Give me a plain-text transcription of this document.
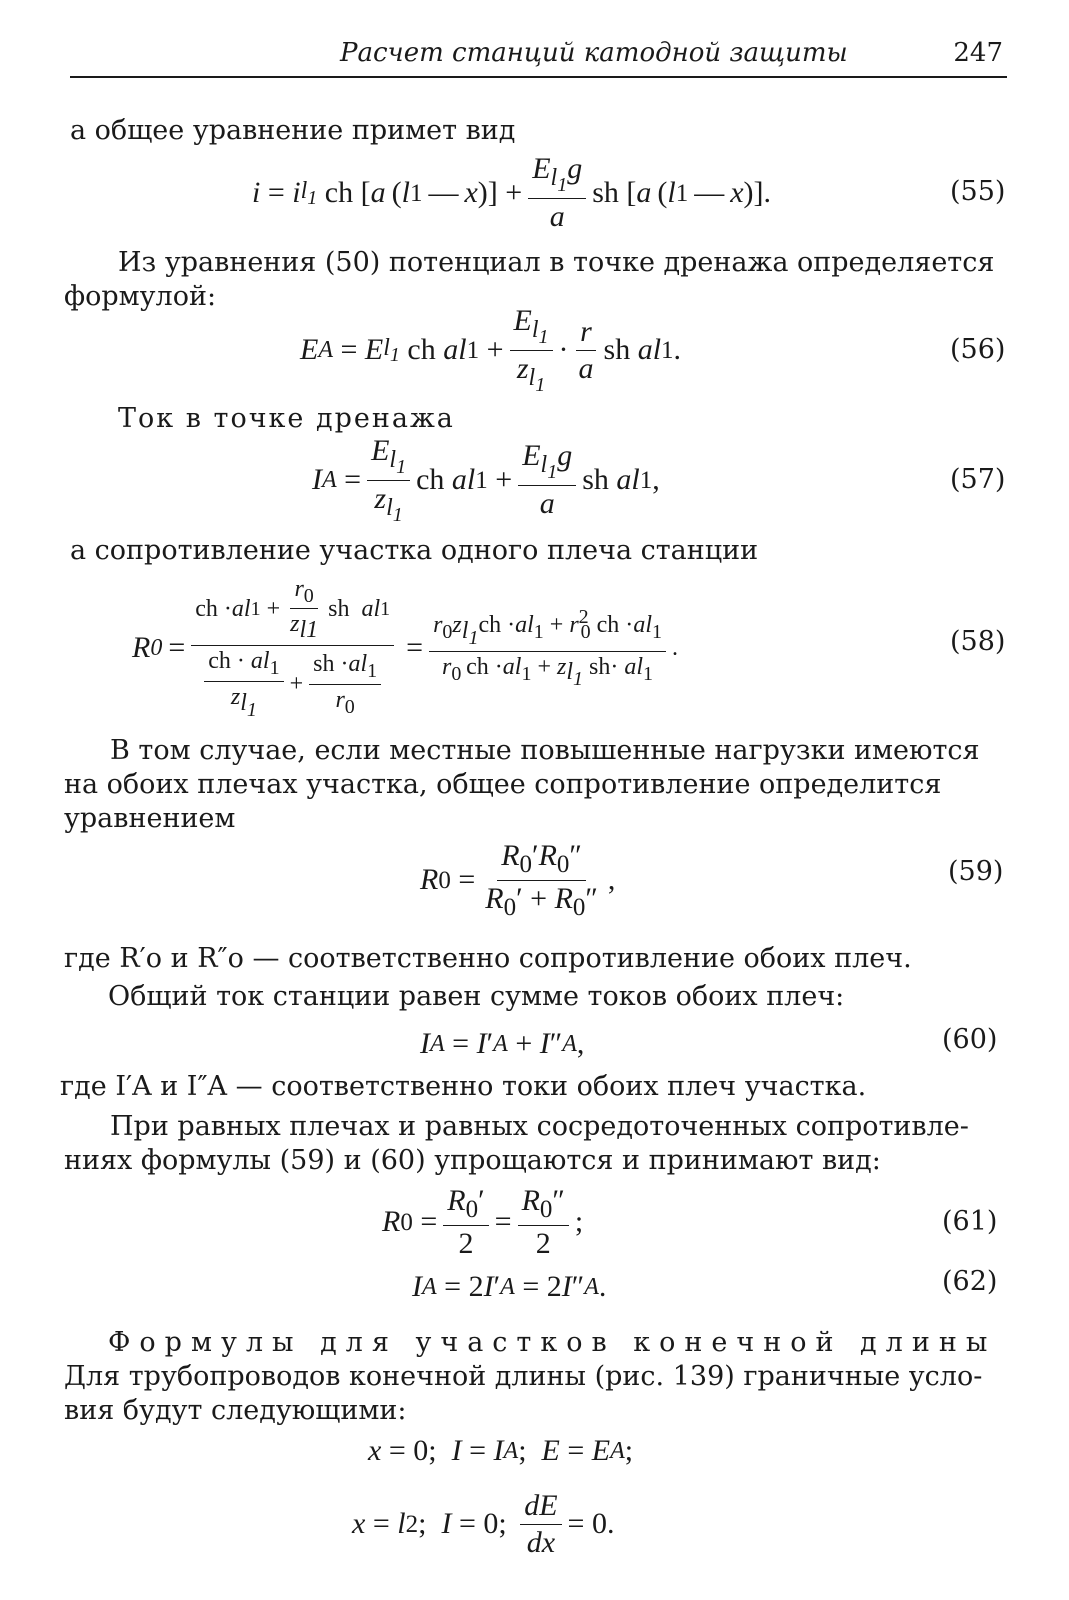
Расчет станций катодной защиты	247
а общее уравнение примет вид
i = i $l_1$ ch [ a  ( l 1  —  x )] + $\frac{E_{l_1}g}{a}$ sh [ a  ( l 1  —  x )].	(55)
Из уравнения (50) потенциал в точке дренажа определяется
формулой:
E A = E $l_1$ ch al $1 + \frac{E_{l_1}}{z_{l_1}} \cdot \frac{r}{a}$ sh al 1 .	(56)
Ток в точке дренажа
I $A = \frac{E_{l_1}}{z_{l_1}}$ ch al $1 + \frac{E_{l_1}g}{a}$ sh al 1 ,	(57)
а сопротивление участка одного плеча станции
R 0
= $\frac{ch \cdot al 1 + \frac{r_0}{z_{l1}} sh al 1}{\frac{ch \cdot al_1}{z_{l_1}} + \frac{sh \cdot al_1}{r_0}}$
= $\frac{r_0z_{l_1}ch \cdot al_1 + r^2_0 ch \cdot al_1}{r_0 ch \cdot al_1 + z_{l_1} sh\cdot al_1}$ .	(58)
В том случае, если местные повышенные нагрузки имеются
на обоих плечах участка, общее сопротивление определится
уравнением
R $0 = \frac{R_0'R_0''}{R_0' + R_0''}$ ,	(59)
где R′о и R″о — соответственно сопротивление обоих плеч.
Общий ток станции равен сумме токов обоих плеч:
I A = I ′ A + I ″ A ,	(60)
где I′A и I″A — соответственно токи обоих плеч участка.
При равных плечах и равных сосредоточенных сопротивле-
ниях формулы (59) и (60) упрощаются и принимают вид:
R $0 = \frac{R_0'}{2} = \frac{R_0''}{2}$ ;	(61)
I A = 2 I ′ A = 2 I ″ A .	(62)
Формулы для участков конечной длины
Для трубопроводов конечной длины (рис. 139) граничные усло-
вия будут следующими:
x = 0; I = I A ; E = E A ;
x = l 2 ; I = 0; $\frac{dE}{dx} = 0$.
